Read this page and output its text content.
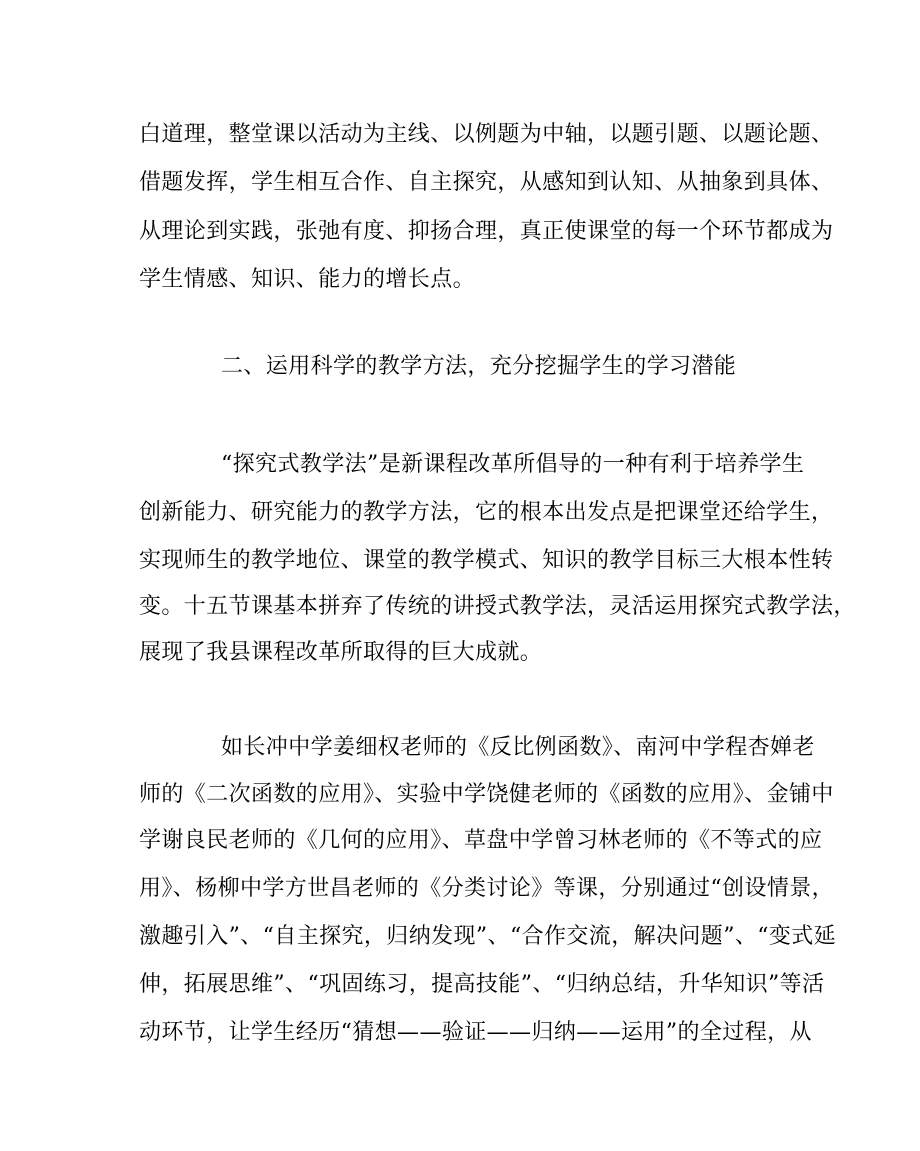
白道理，整堂课以活动为主线、以例题为中轴，以题引题、以题论题、

借题发挥，学生相互合作、自主探究，从感知到认知、从抽象到具体、

从理论到实践，张弛有度、抑扬合理，真正使课堂的每一个环节都成为

学生情感、知识、能力的增长点。

二、运用科学的教学方法，充分挖掘学生的学习潜能

“探究式教学法”是新课程改革所倡导的一种有利于培养学生

创新能力、研究能力的教学方法，它的根本出发点是把课堂还给学生，

实现师生的教学地位、课堂的教学模式、知识的教学目标三大根本性转

变。十五节课基本拼弃了传统的讲授式教学法，灵活运用探究式教学法，

展现了我县课程改革所取得的巨大成就。

如长冲中学姜细权老师的《反比例函数》、南河中学程杏婵老

师的《二次函数的应用》、实验中学饶健老师的《函数的应用》、金铺中

学谢良民老师的《几何的应用》、草盘中学曾习林老师的《不等式的应

用》、杨柳中学方世昌老师的《分类讨论》等课，分别通过“创设情景，

激趣引入”、“自主探究，归纳发现”、“合作交流，解决问题”、“变式延

伸，拓展思维”、“巩固练习，提高技能”、“归纳总结，升华知识”等活

动环节，让学生经历“猜想——验证——归纳——运用”的全过程，从
